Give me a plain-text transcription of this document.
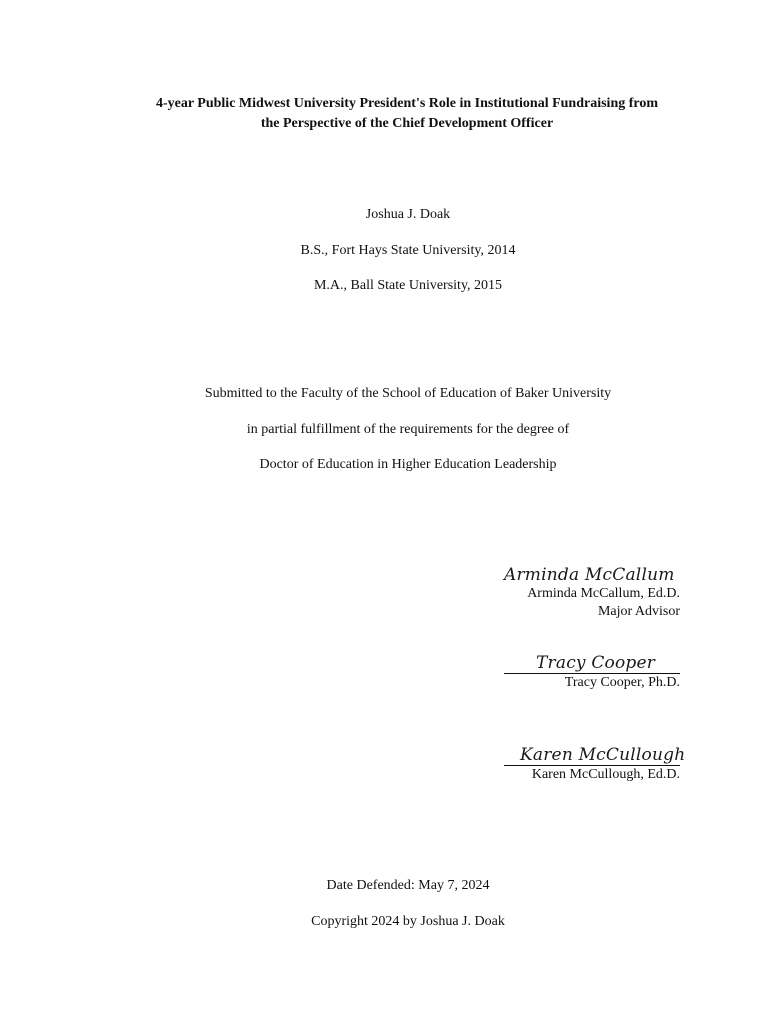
4-year Public Midwest University President's Role in Institutional Fundraising from
the Perspective of the Chief Development Officer
Joshua J. Doak
B.S., Fort Hays State University, 2014
M.A., Ball State University, 2015
Submitted to the Faculty of the School of Education of Baker University
in partial fulfillment of the requirements for the degree of
Doctor of Education in Higher Education Leadership
Arminda McCallum
Arminda McCallum, Ed.D.
Major Advisor
Tracy Cooper
Tracy Cooper, Ph.D.
Karen McCullough
Karen McCullough, Ed.D.
Date Defended: May 7, 2024
Copyright 2024 by Joshua J. Doak
